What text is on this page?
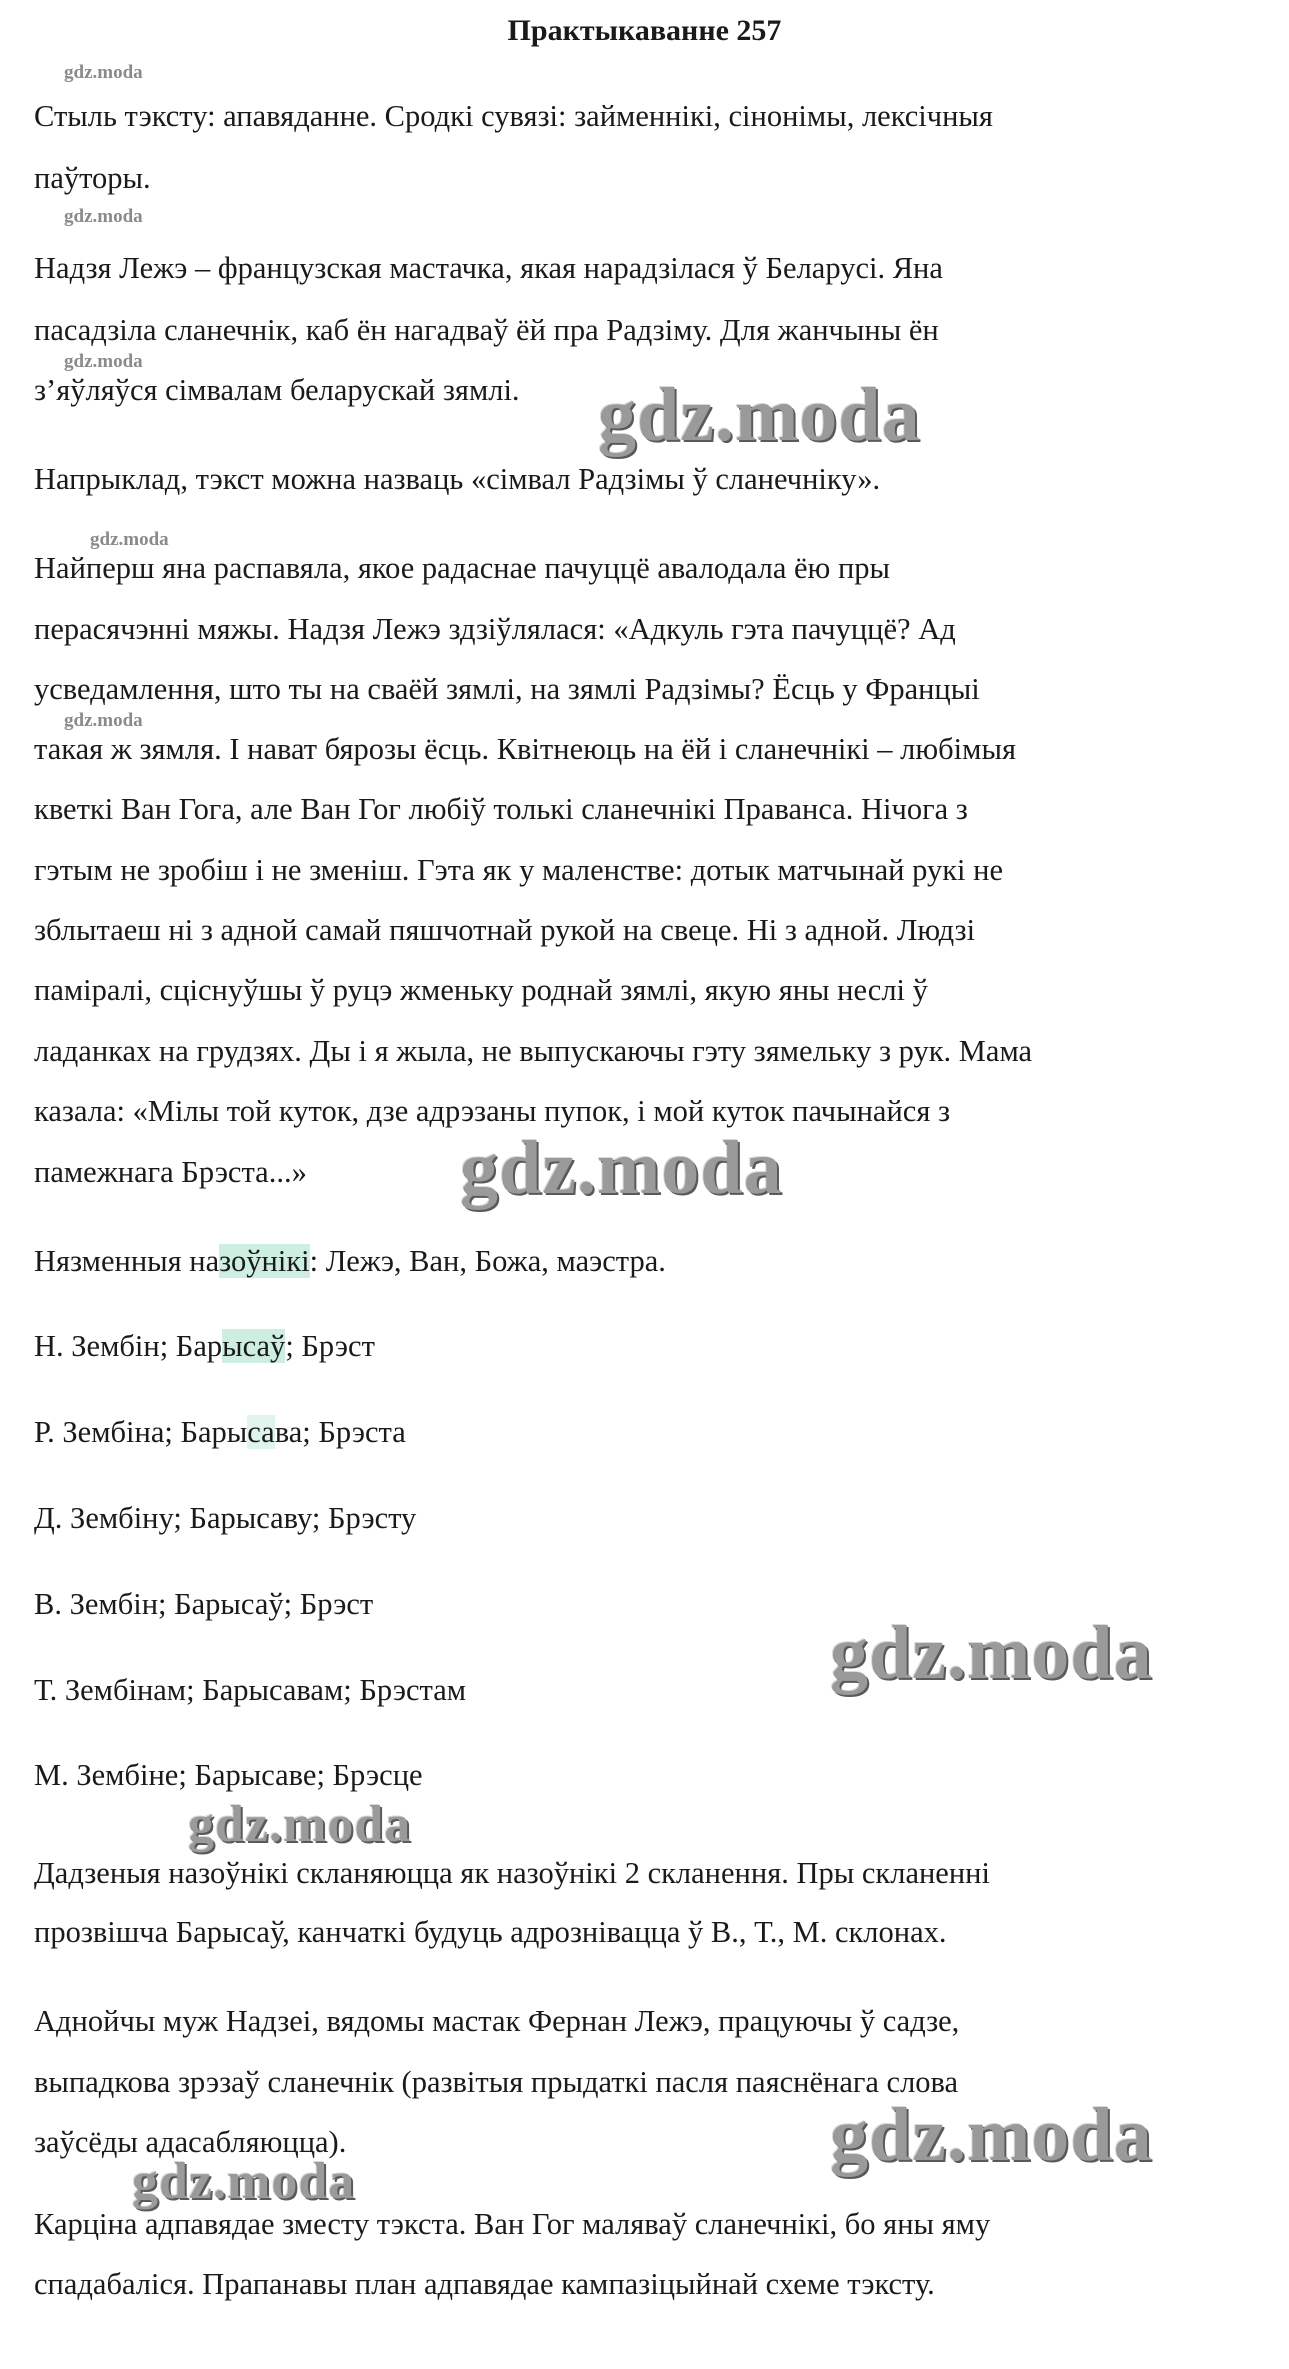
Практыкаванне 257
gdz.moda
gdz.moda
gdz.moda
gdz.moda
gdz.moda
Стыль тэксту: апавяданне. Сродкі сувязі: займеннікі, сінонімы, лексічныя
паўторы.
Надзя Лежэ – французская мастачка, якая нарадзілася ў Беларусі. Яна
пасадзіла сланечнік, каб ён нагадваў ёй пра Радзіму. Для жанчыны ён
з’яўляўся сімвалам беларускай зямлі.
Напрыклад, тэкст можна назваць «сімвал Радзімы ў сланечніку».
Найперш яна распавяла, якое радаснае пачуццё авалодала ёю пры
перасячэнні мяжы. Надзя Лежэ здзіўлялася: «Адкуль гэта пачуццё? Ад
усведамлення, што ты на сваёй зямлі, на зямлі Радзімы? Ёсць у Францыі
такая ж зямля. І нават бярозы ёсць. Квітнеюць на ёй і сланечнікі – любімыя
кветкі Ван Гога, але Ван Гог любіў толькі сланечнікі Праванса. Нічога з
гэтым не зробіш і не зменіш. Гэта як у маленстве: дотык матчынай рукі не
зблытаеш ні з адной самай пяшчотнай рукой на свеце. Ні з адной. Людзі
паміралі, сціснуўшы ў руцэ жменьку роднай зямлі, якую яны неслі ў
ладанках на грудзях. Ды і я жыла, не выпускаючы гэту зямельку з рук. Мама
казала: «Мілы той куток, дзе адрэзаны пупок, і мой куток пачынайся з
памежнага Брэста...»
Нязменныя назоўнікі: Лежэ, Ван, Божа, маэстра.
Н. Зембін; Барысаў; Брэст
Р. Зембіна; Барысава; Брэста
Д. Зембіну; Барысаву; Брэсту
В. Зембін; Барысаў; Брэст
Т. Зембінам; Барысавам; Брэстам
М. Зембіне; Барысаве; Брэсце
Дадзеныя назоўнікі скланяюцца як назоўнікі 2 скланення. Пры скланенні
прозвішча Барысаў, канчаткі будуць адрозніваццa ў В., Т., М. склонах.
Аднойчы муж Надзеі, вядомы мастак Фернан Лежэ, працуючы ў садзе,
выпадкова зрэзаў сланечнік (развітыя прыдаткі пасля паяснёнага слова
заўсёды адасабляюцца).
Карціна адпавядае зместу тэкста. Ван Гог маляваў сланечнікі, бо яны яму
спадабаліся. Прапанавы план адпавядае кампазіцыйнай схеме тэксту.
gdz.moda
gdz.moda
gdz.moda
gdz.moda
gdz.moda
gdz.moda
